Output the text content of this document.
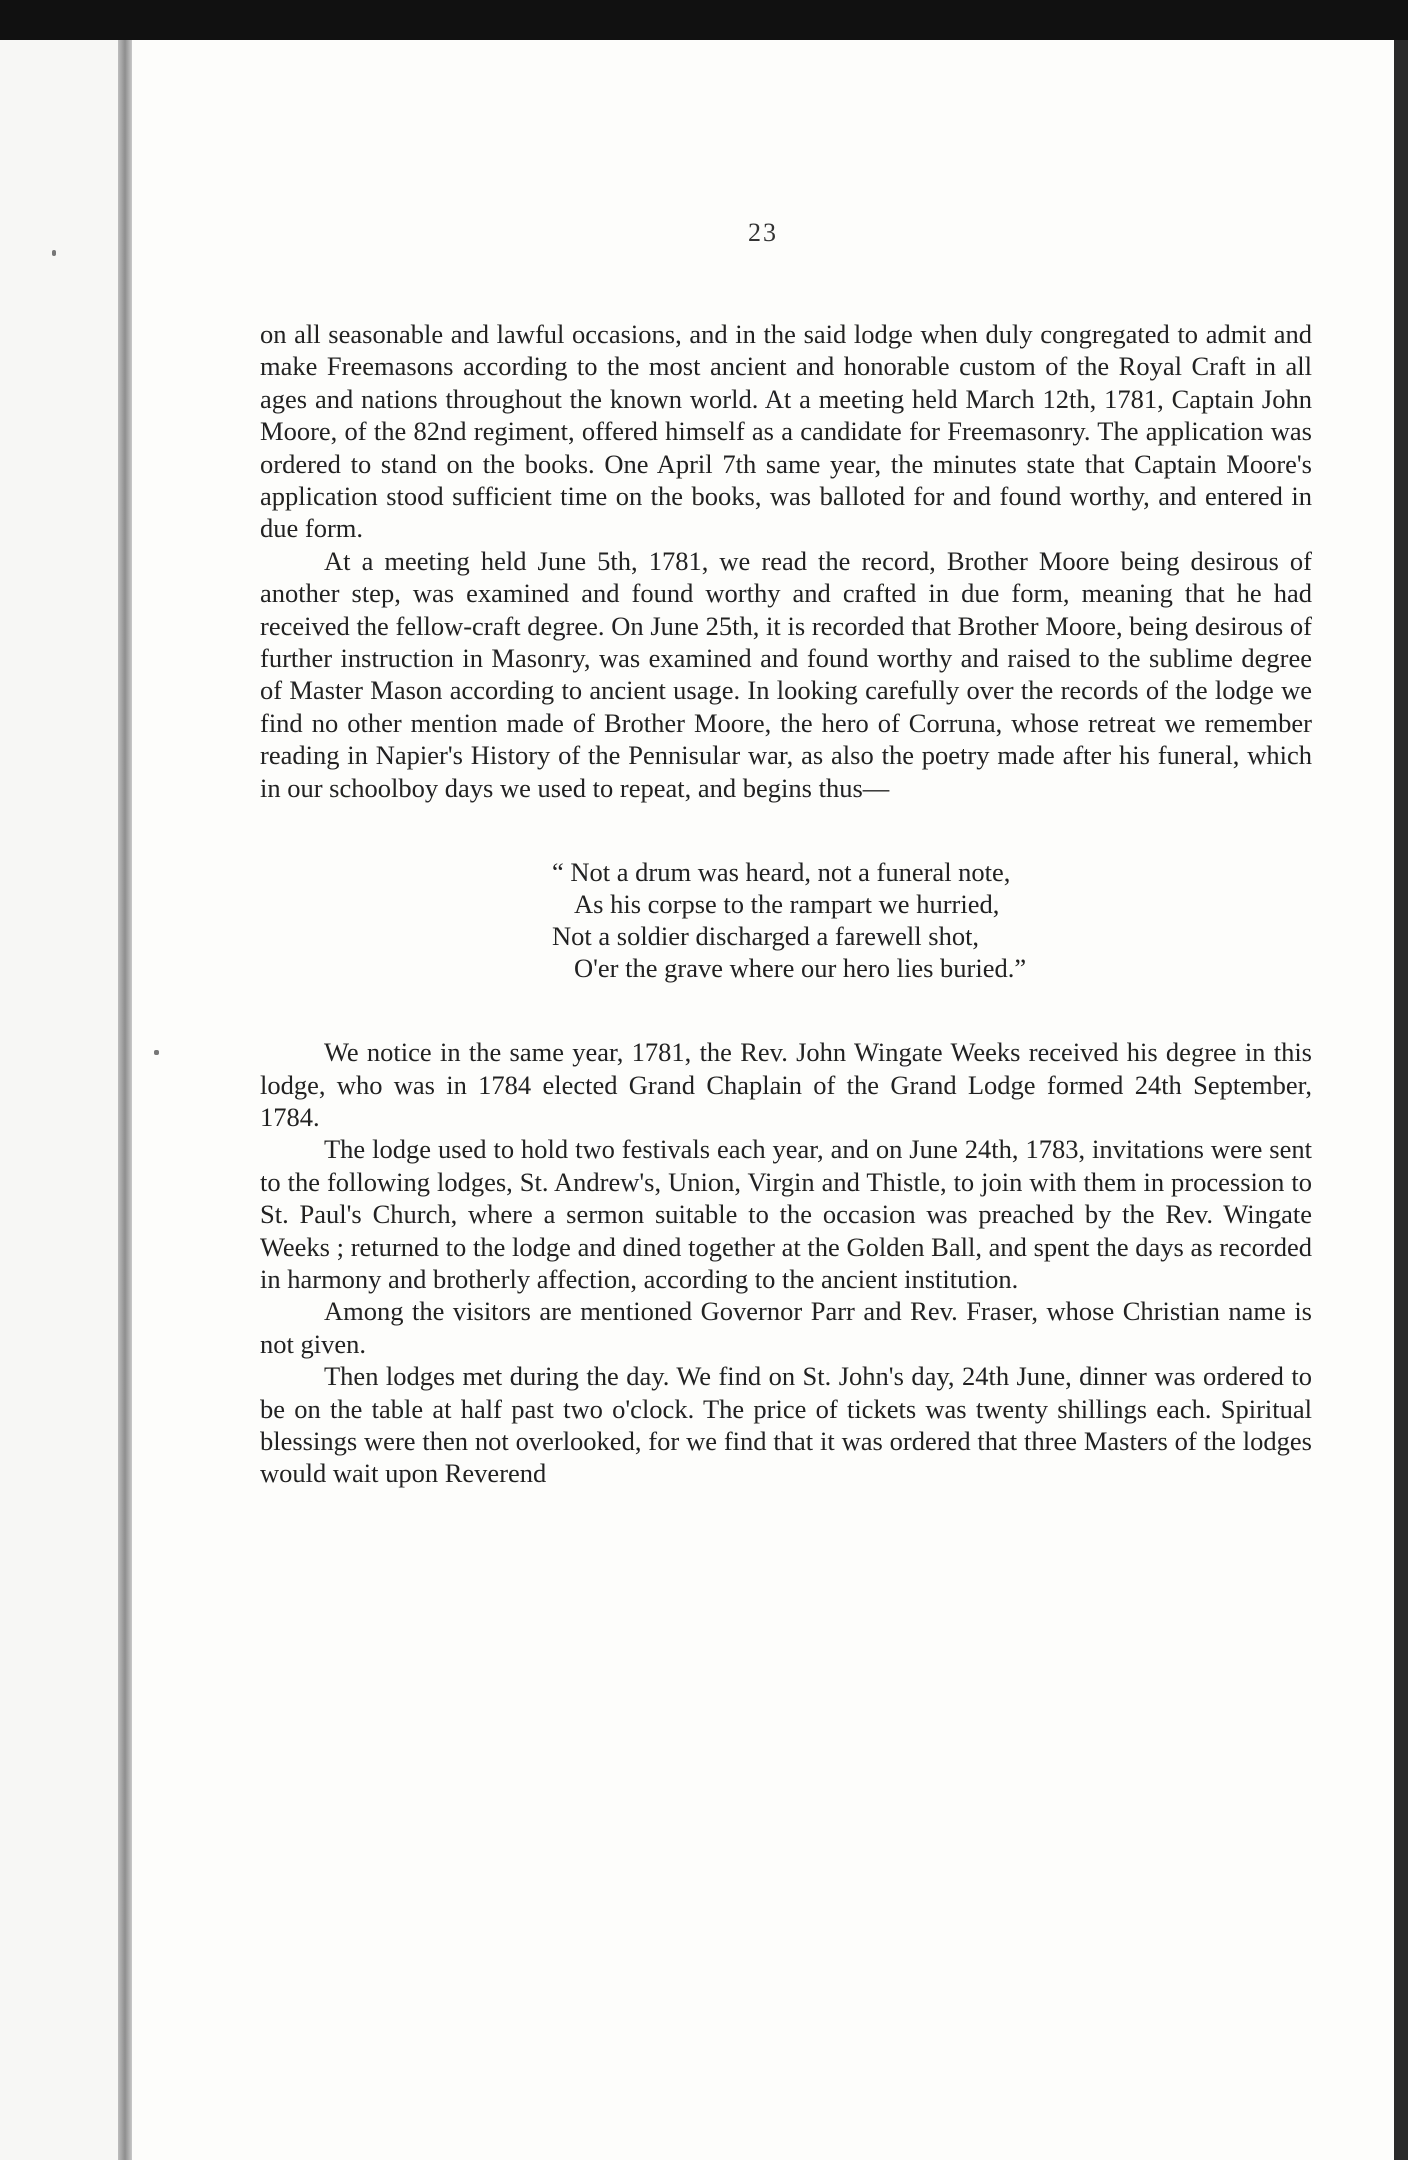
23

on all seasonable and lawful occasions, and in the said lodge when duly congregated to admit and make Freemasons according to the most ancient and honorable custom of the Royal Craft in all ages and nations throughout the known world. At a meeting held March 12th, 1781, Captain John Moore, of the 82nd regiment, offered himself as a candidate for Freemasonry. The application was ordered to stand on the books. One April 7th same year, the minutes state that Captain Moore's application stood sufficient time on the books, was balloted for and found worthy, and entered in due form.

At a meeting held June 5th, 1781, we read the record, Brother Moore being desirous of another step, was examined and found worthy and crafted in due form, meaning that he had received the fellow-craft degree. On June 25th, it is recorded that Brother Moore, being desirous of further instruction in Masonry, was examined and found worthy and raised to the sublime degree of Master Mason according to ancient usage. In looking carefully over the records of the lodge we find no other mention made of Brother Moore, the hero of Corruna, whose retreat we remember reading in Napier's History of the Pennisular war, as also the poetry made after his funeral, which in our schoolboy days we used to repeat, and begins thus—

“ Not a drum was heard, not a funeral note,
As his corpse to the rampart we hurried,
Not a soldier discharged a farewell shot,
O'er the grave where our hero lies buried.”

We notice in the same year, 1781, the Rev. John Wingate Weeks received his degree in this lodge, who was in 1784 elected Grand Chaplain of the Grand Lodge formed 24th September, 1784.

The lodge used to hold two festivals each year, and on June 24th, 1783, invitations were sent to the following lodges, St. Andrew's, Union, Virgin and Thistle, to join with them in procession to St. Paul's Church, where a sermon suitable to the occasion was preached by the Rev. Wingate Weeks ; returned to the lodge and dined together at the Golden Ball, and spent the days as recorded in harmony and brotherly affection, according to the ancient institution.

Among the visitors are mentioned Governor Parr and Rev. Fraser, whose Christian name is not given.

Then lodges met during the day. We find on St. John's day, 24th June, dinner was ordered to be on the table at half past two o'clock. The price of tickets was twenty shillings each. Spiritual blessings were then not overlooked, for we find that it was ordered that three Masters of the lodges would wait upon Reverend
